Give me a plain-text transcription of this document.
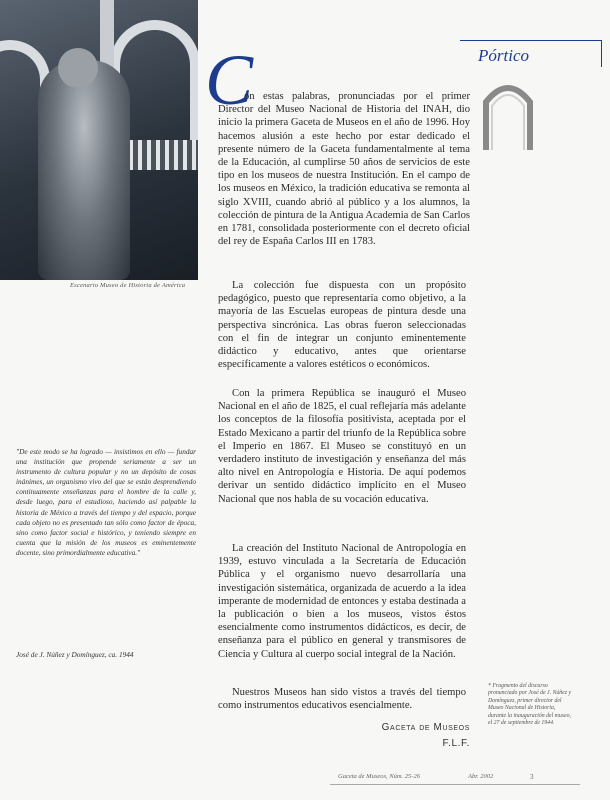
Escenario Museo de Historia de América
Pórtico
C

on estas palabras, pronunciadas por el primer Director del Museo Nacional de Historia del INAH, dio inicio la primera Gaceta de Museos en el año de 1996. Hoy hacemos alusión a este hecho por estar dedicado el presente número de la Gaceta fundamentalmente al tema de la Educación, al cumplirse 50 años de servicios de este tipo en los museos de nuestra Institución. En el campo de los museos en México, la tradición educativa se remonta al siglo XVIII, cuando abrió al público y a los alumnos, la colección de pintura de la Antigua Academia de San Carlos en 1781, consolidada posteriormente con el decreto oficial del rey de España Carlos III en 1783.

La colección fue dispuesta con un propósito pedagógico, puesto que representaría como objetivo, a la mayoría de las Escuelas europeas de pintura desde una perspectiva sincrónica. Las obras fueron seleccionadas con el fin de integrar un conjunto eminentemente didáctico y educativo, antes que orientarse específicamente a valores estéticos o económicos.

Con la primera República se inauguró el Museo Nacional en el año de 1825, el cual reflejaría más adelante los conceptos de la filosofía positivista, aceptada por el Estado Mexicano a partir del triunfo de la República sobre el Imperio en 1867. El Museo se constituyó en un verdadero instituto de investigación y enseñanza del más alto nivel en Antropología e Historia. De aquí podemos derivar un sentido didáctico implícito en el Museo Nacional que nos habla de su vocación educativa.

La creación del Instituto Nacional de Antropología en 1939, estuvo vinculada a la Secretaría de Educación Pública y el organismo nuevo desarrollaría una investigación sistemática, organizada de acuerdo a la idea imperante de modernidad de entonces y estaba destinada a la publicación o bien a los museos, vistos éstos esencialmente como instrumentos didácticos, es decir, de enseñanza para el público en general y transmisores de Ciencia y Cultura al cuerpo social integral de la Nación.

Nuestros Museos han sido vistos a través del tiempo como instrumentos educativos esencialmente.

Gaceta de Museos
F.L.F.
"De este modo se ha logrado — insistimos en ello — fundar una institución que propende seriamente a ser un instrumento de cultura popular y no un depósito de cosas inánimes, un organismo vivo del que se están desprendiendo continuamente enseñanzas para el hombre de la calle y, desde luego, para el estudioso, haciendo así palpable la historia de México a través del tiempo y del espacio, porque cada objeto no es presentado tan sólo como factor de época, sino como factor social e histórico, y teniendo siempre en cuenta que la misión de los museos es eminentemente docente, sino primordialmente educativa."
José de J. Núñez y Domínguez, ca. 1944
* Fragmento del discurso pronunciado por José de J. Núñez y Domínguez, primer director del Museo Nacional de Historia, durante la inauguración del museo, el 27 de septiembre de 1944.
Gaceta de Museos, Núm. 25-26	Abr. 2002	3
